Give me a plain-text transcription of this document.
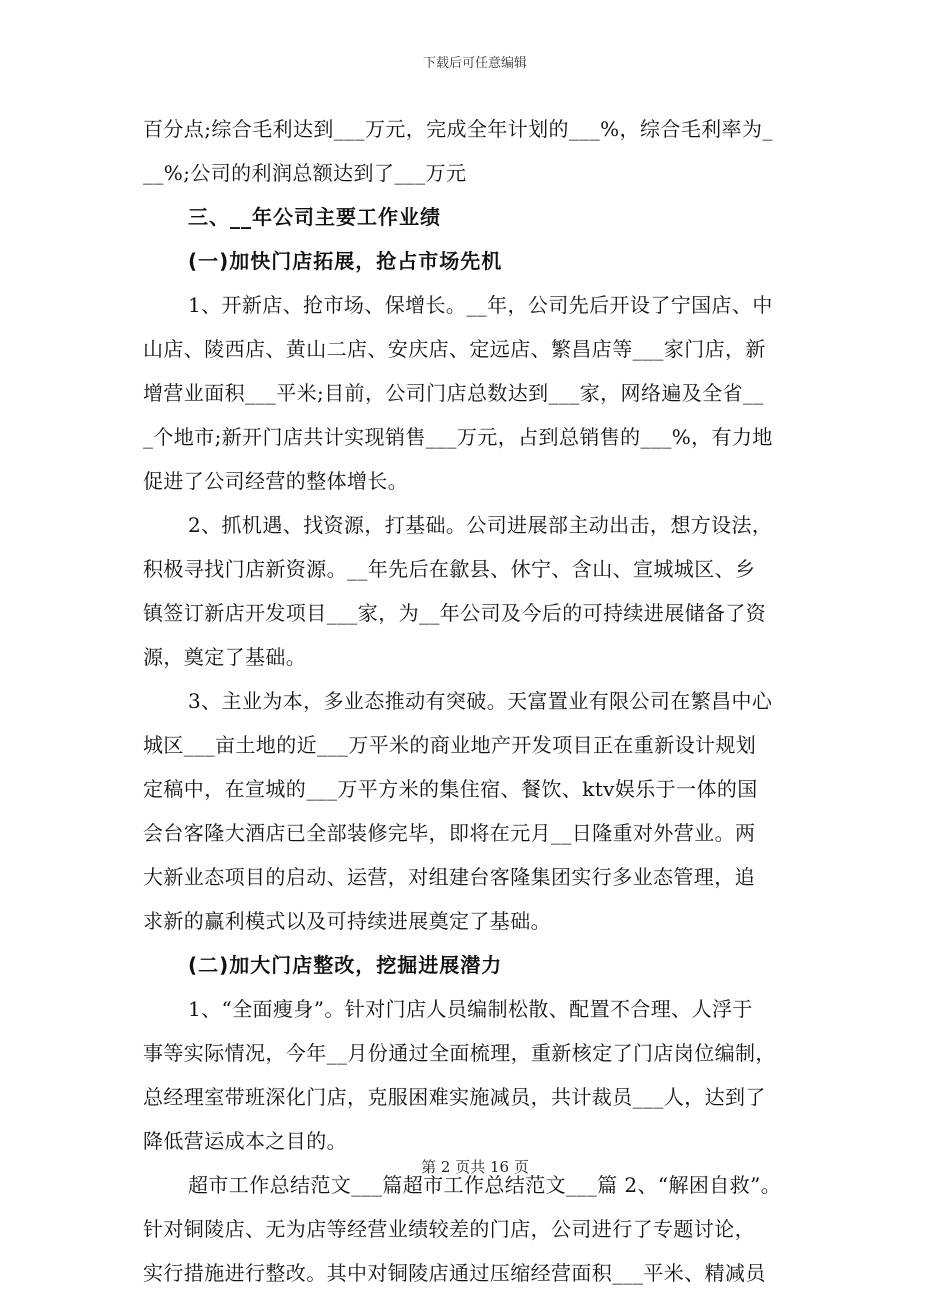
下载后可任意编辑
百分点;综合毛利达到___万元，完成全年计划的___%，综合毛利率为_
__%;公司的利润总额达到了___万元
三、__年公司主要工作业绩
(一)加快门店拓展，抢占市场先机
1、开新店、抢市场、保增长。__年，公司先后开设了宁国店、中
山店、陵西店、黄山二店、安庆店、定远店、繁昌店等___家门店，新
增营业面积___平米;目前，公司门店总数达到___家，网络遍及全省__
_个地市;新开门店共计实现销售___万元，占到总销售的___%，有力地
促进了公司经营的整体增长。
2、抓机遇、找资源，打基础。公司进展部主动出击，想方设法，
积极寻找门店新资源。__年先后在歙县、休宁、含山、宣城城区、乡
镇签订新店开发项目___家，为__年公司及今后的可持续进展储备了资
源，奠定了基础。
3、主业为本，多业态推动有突破。天富置业有限公司在繁昌中心
城区___亩土地的近___万平米的商业地产开发项目正在重新设计规划
定稿中，在宣城的___万平方米的集住宿、餐饮、ktv娱乐于一体的国
会台客隆大酒店已全部装修完毕，即将在元月__日隆重对外营业。两
大新业态项目的启动、运营，对组建台客隆集团实行多业态管理，追
求新的赢利模式以及可持续进展奠定了基础。
(二)加大门店整改，挖掘进展潜力
1、“全面瘦身”。针对门店人员编制松散、配置不合理、人浮于
事等实际情况，今年__月份通过全面梳理，重新核定了门店岗位编制，
总经理室带班深化门店，克服困难实施减员，共计裁员___人，达到了
降低营运成本之目的。
超市工作总结范文___篇超市工作总结范文___篇 2、“解困自救”。
针对铜陵店、无为店等经营业绩较差的门店，公司进行了专题讨论，
实行措施进行整改。其中对铜陵店通过压缩经营面积___平米、精减员
第 2 页共 16 页
